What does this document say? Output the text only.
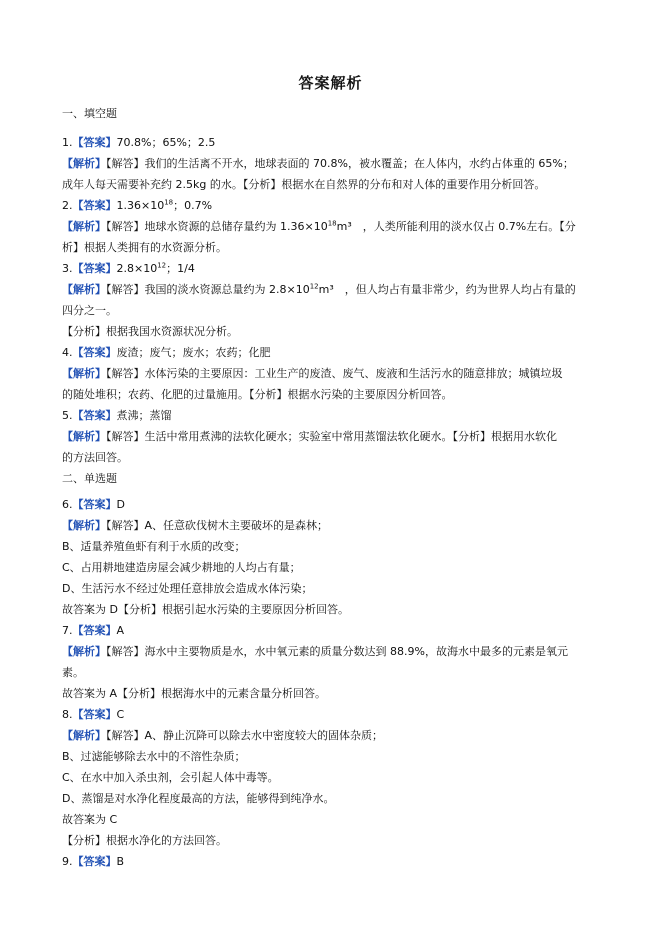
答案解析
一、填空题
1.【答案】70.8%；65%；2.5
【解析】【解答】我们的生活离不开水，地球表面的 70.8%，被水覆盖；在人体内，水约占体重的 65%；
成年人每天需要补充约 2.5kg 的水。【分析】根据水在自然界的分布和对人体的重要作用分析回答。
2.【答案】$1.36\times 10^{18}$；0.7%
【解析】【解答】地球水资源的总储存量约为 $1.36\times 10^{18}m^3$　，人类所能利用的淡水仅占 0.7%左右。【分
析】根据人类拥有的水资源分析。
3.【答案】$2.8\times 10^{12}$；1/4
【解析】【解答】我国的淡水资源总量约为 $2.8\times 10^{12}m^3$　，但人均占有量非常少，约为世界人均占有量的
四分之一。
【分析】根据我国水资源状况分析。
4.【答案】废渣；废气；废水；农药；化肥
【解析】【解答】水体污染的主要原因：工业生产的废渣、废气、废液和生活污水的随意排放；城镇垃圾
的随处堆积；农药、化肥的过量施用。【分析】根据水污染的主要原因分析回答。
5.【答案】煮沸；蒸馏
【解析】【解答】生活中常用煮沸的法软化硬水；实验室中常用蒸馏法软化硬水。【分析】根据用水软化
的方法回答。
二、单选题
6.【答案】D
【解析】【解答】A、任意砍伐树木主要破坏的是森林；
B、适量养殖鱼虾有利于水质的改变；
C、占用耕地建造房屋会减少耕地的人均占有量；
D、生活污水不经过处理任意排放会造成水体污染；
故答案为 D【分析】根据引起水污染的主要原因分析回答。
7.【答案】A
【解析】【解答】海水中主要物质是水，水中氧元素的质量分数达到 88.9%，故海水中最多的元素是氧元
素。
故答案为 A【分析】根据海水中的元素含量分析回答。
8.【答案】C
【解析】【解答】A、静止沉降可以除去水中密度较大的固体杂质；
B、过滤能够除去水中的不溶性杂质；
C、在水中加入杀虫剂，会引起人体中毒等。
D、蒸馏是对水净化程度最高的方法，能够得到纯净水。
故答案为 C
【分析】根据水净化的方法回答。
9.【答案】B
